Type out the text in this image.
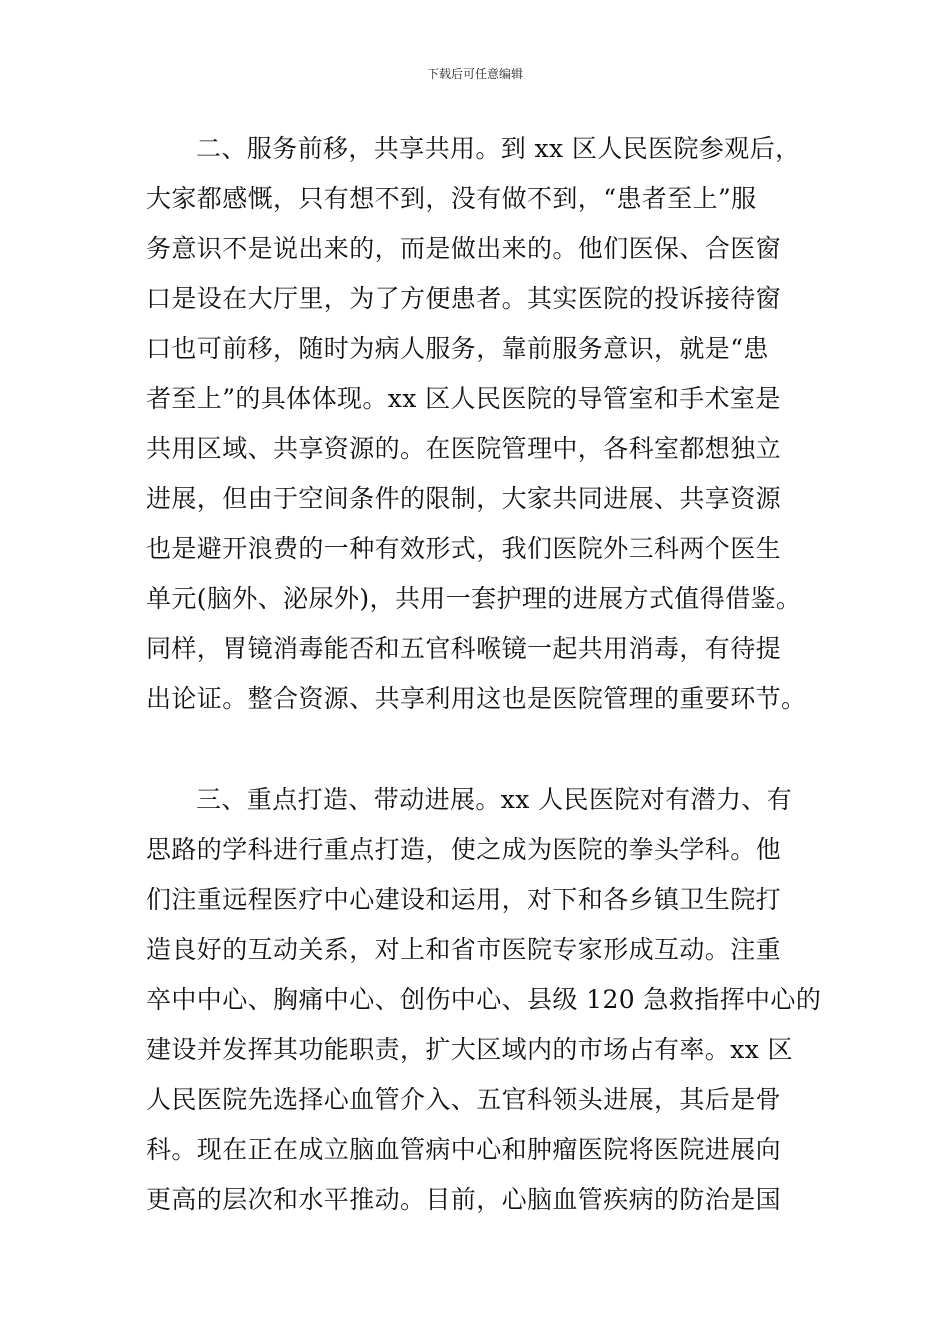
下载后可任意编辑
二、服务前移，共享共用。到 xx 区人民医院参观后，
大家都感慨，只有想不到，没有做不到，“患者至上”服
务意识不是说出来的，而是做出来的。他们医保、合医窗
口是设在大厅里，为了方便患者。其实医院的投诉接待窗
口也可前移，随时为病人服务，靠前服务意识，就是“患
者至上”的具体体现。xx 区人民医院的导管室和手术室是
共用区域、共享资源的。在医院管理中，各科室都想独立
进展，但由于空间条件的限制，大家共同进展、共享资源
也是避开浪费的一种有效形式，我们医院外三科两个医生
单元(脑外、泌尿外)，共用一套护理的进展方式值得借鉴。
同样，胃镜消毒能否和五官科喉镜一起共用消毒，有待提
出论证。整合资源、共享利用这也是医院管理的重要环节。
三、重点打造、带动进展。xx 人民医院对有潜力、有
思路的学科进行重点打造，使之成为医院的拳头学科。他
们注重远程医疗中心建设和运用，对下和各乡镇卫生院打
造良好的互动关系，对上和省市医院专家形成互动。注重
卒中中心、胸痛中心、创伤中心、县级 120 急救指挥中心的
建设并发挥其功能职责，扩大区域内的市场占有率。xx 区
人民医院先选择心血管介入、五官科领头进展，其后是骨
科。现在正在成立脑血管病中心和肿瘤医院将医院进展向
更高的层次和水平推动。目前，心脑血管疾病的防治是国
